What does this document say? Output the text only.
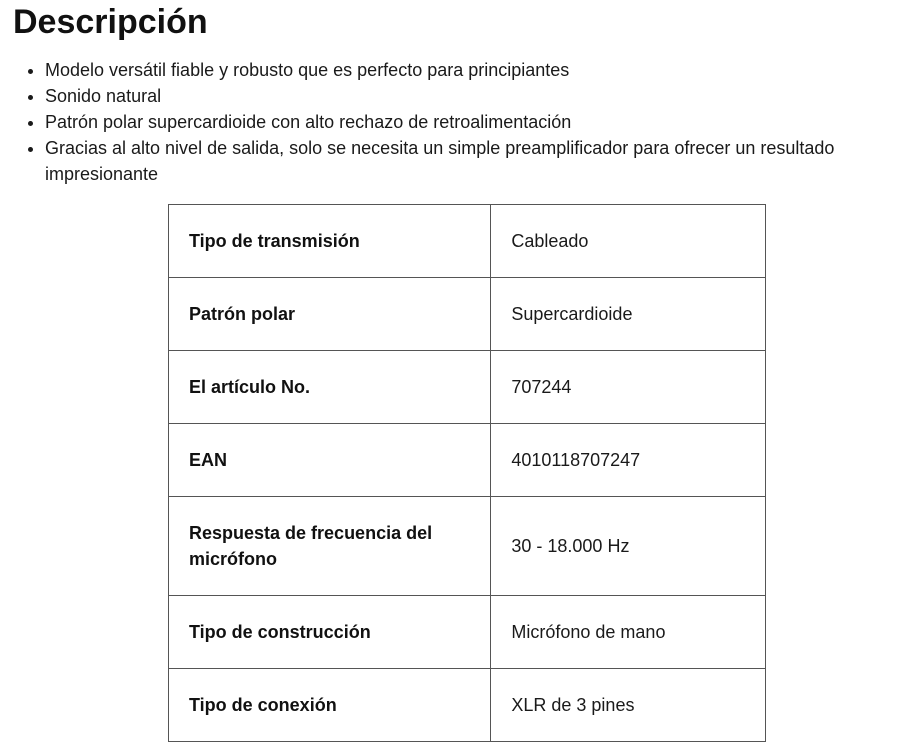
Descripción
• Modelo versátil fiable y robusto que es perfecto para principiantes
• Sonido natural
• Patrón polar supercardioide con alto rechazo de retroalimentación
• Gracias al alto nivel de salida, solo se necesita un simple preamplificador para ofrecer un resultado impresionante
Tipo de transmisión	Cableado
Patrón polar	Supercardioide
El artículo No.	707244
EAN	4010118707247
Respuesta de frecuencia del micrófono	30 - 18.000 Hz
Tipo de construcción	Micrófono de mano
Tipo de conexión	XLR de 3 pines
